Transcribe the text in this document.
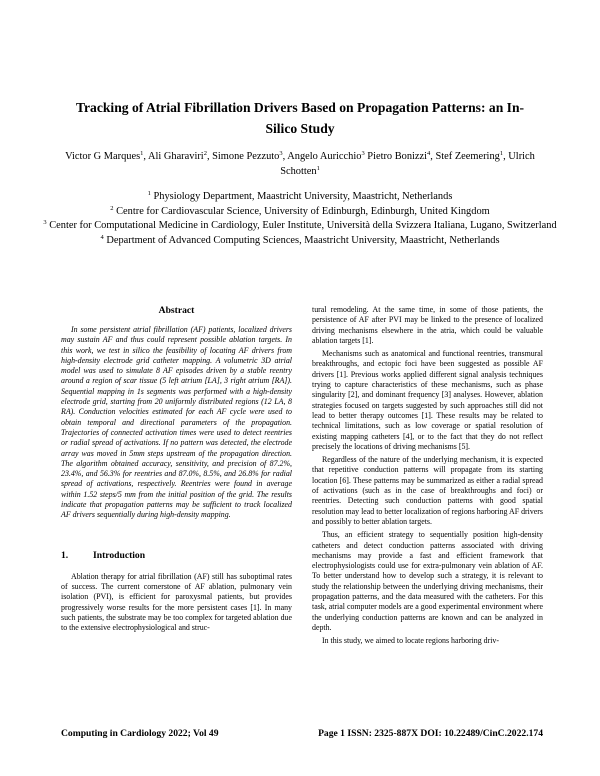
Tracking of Atrial Fibrillation Drivers Based on Propagation Patterns: an In-Silico Study
Victor G Marques$^1$, Ali Gharaviri$^2$, Simone Pezzuto$^3$, Angelo Auricchio$^3$ Pietro Bonizzi$^4$, Stef Zeemering$^1$, Ulrich Schotten$^1$
$^1$ Physiology Department, Maastricht University, Maastricht, Netherlands
$^2$ Centre for Cardiovascular Science, University of Edinburgh, Edinburgh, United Kingdom
$^3$ Center for Computational Medicine in Cardiology, Euler Institute, Università della Svizzera Italiana, Lugano, Switzerland
$^4$ Department of Advanced Computing Sciences, Maastricht University, Maastricht, Netherlands
Abstract

In some persistent atrial fibrillation (AF) patients, localized drivers may sustain AF and thus could represent possible ablation targets. In this work, we test in silico the feasibility of locating AF drivers from high-density electrode grid catheter mapping. A volumetric 3D atrial model was used to simulate 8 AF episodes driven by a stable reentry around a region of scar tissue (5 left atrium [LA], 3 right atrium [RA]). Sequential mapping in 1s segments was performed with a high-density electrode grid, starting from 20 uniformly distributed regions (12 LA, 8 RA). Conduction velocities estimated for each AF cycle were used to obtain temporal and directional parameters of the propagation. Trajectories of connected activation times were used to detect reentries or radial spread of activations. If no pattern was detected, the electrode array was moved in 5mm steps upstream of the propagation direction. The algorithm obtained accuracy, sensitivity, and precision of 87.2%, 23.4%, and 56.3% for reentries and 87.0%, 8.5%, and 26.8% for radial spread of activations, respectively. Reentries were found in average within 1.52 steps/5 mm from the initial position of the grid. The results indicate that propagation patterns may be sufficient to track localized AF drivers sequentially during high-density mapping.

1.	Introduction

Ablation therapy for atrial fibrillation (AF) still has suboptimal rates of success. The current cornerstone of AF ablation, pulmonary vein isolation (PVI), is efficient for paroxysmal patients, but provides progressively worse results for the more persistent cases [1]. In many such patients, the substrate may be too complex for targeted ablation due to the extensive electrophysiological and struc-

tural remodeling. At the same time, in some of those patients, the persistence of AF after PVI may be linked to the presence of localized driving mechanisms elsewhere in the atria, which could be valuable ablation targets [1].

Mechanisms such as anatomical and functional reentries, transmural breakthroughs, and ectopic foci have been suggested as possible AF drivers [1]. Previous works applied different signal analysis techniques trying to capture characteristics of these mechanisms, such as phase singularity [2], and dominant frequency [3] analyses. However, ablation strategies focused on targets suggested by such approaches still did not lead to better therapy outcomes [1]. These results may be related to technical limitations, such as low coverage or spatial resolution of existing mapping catheters [4], or to the fact that they do not reflect precisely the locations of driving mechanisms [5].

Regardless of the nature of the underlying mechanism, it is expected that repetitive conduction patterns will propagate from its starting location [6]. These patterns may be summarized as either a radial spread of activations (such as in the case of breakthroughs and foci) or reentries. Detecting such conduction patterns with good spatial resolution may lead to better localization of regions harboring AF drivers and possibly to better ablation targets.

Thus, an efficient strategy to sequentially position high-density catheters and detect conduction patterns associated with driving mechanisms may provide a fast and efficient framework that electrophysiologists could use for extra-pulmonary vein ablation of AF. To better understand how to develop such a strategy, it is relevant to study the relationship between the underlying driving mechanisms, their propagation patterns, and the data measured with the catheters. For this task, atrial computer models are a good experimental environment where the underlying conduction patterns are known and can be analyzed in depth.

In this study, we aimed to locate regions harboring driv-

Computing in Cardiology 2022; Vol 49	Page 1 ISSN: 2325-887X DOI: 10.22489/CinC.2022.174
